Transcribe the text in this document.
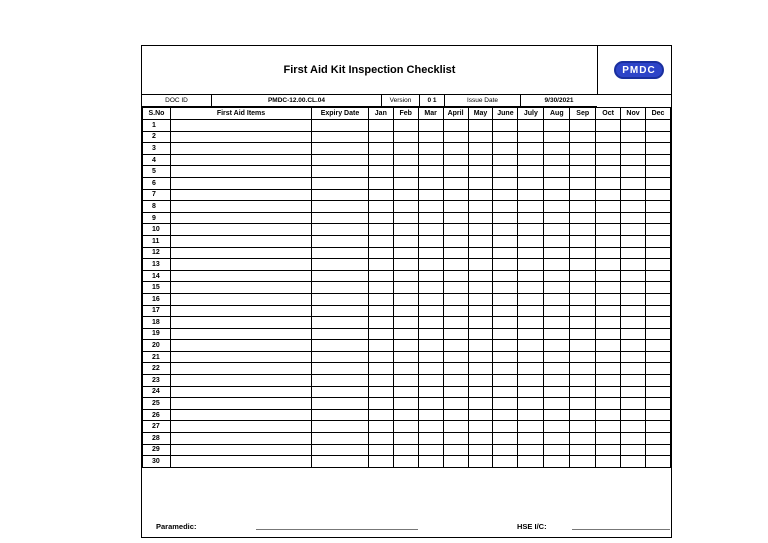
First Aid Kit Inspection Checklist	PMDC
DOC ID	PMDC-12.00.CL.04	Version	0 1	Issue Date	9/30/2021
S.No	First Aid Items	Expiry Date	Jan	Feb	Mar	April	May	June	July	Aug	Sep	Oct	Nov	Dec
1														
2														
3														
4														
5														
6														
7														
8														
9														
10														
11														
12														
13														
14														
15														
16														
17														
18														
19														
20														
21														
22														
23														
24														
25														
26														
27														
28														
29														
30														
Paramedic:	HSE I/C:
